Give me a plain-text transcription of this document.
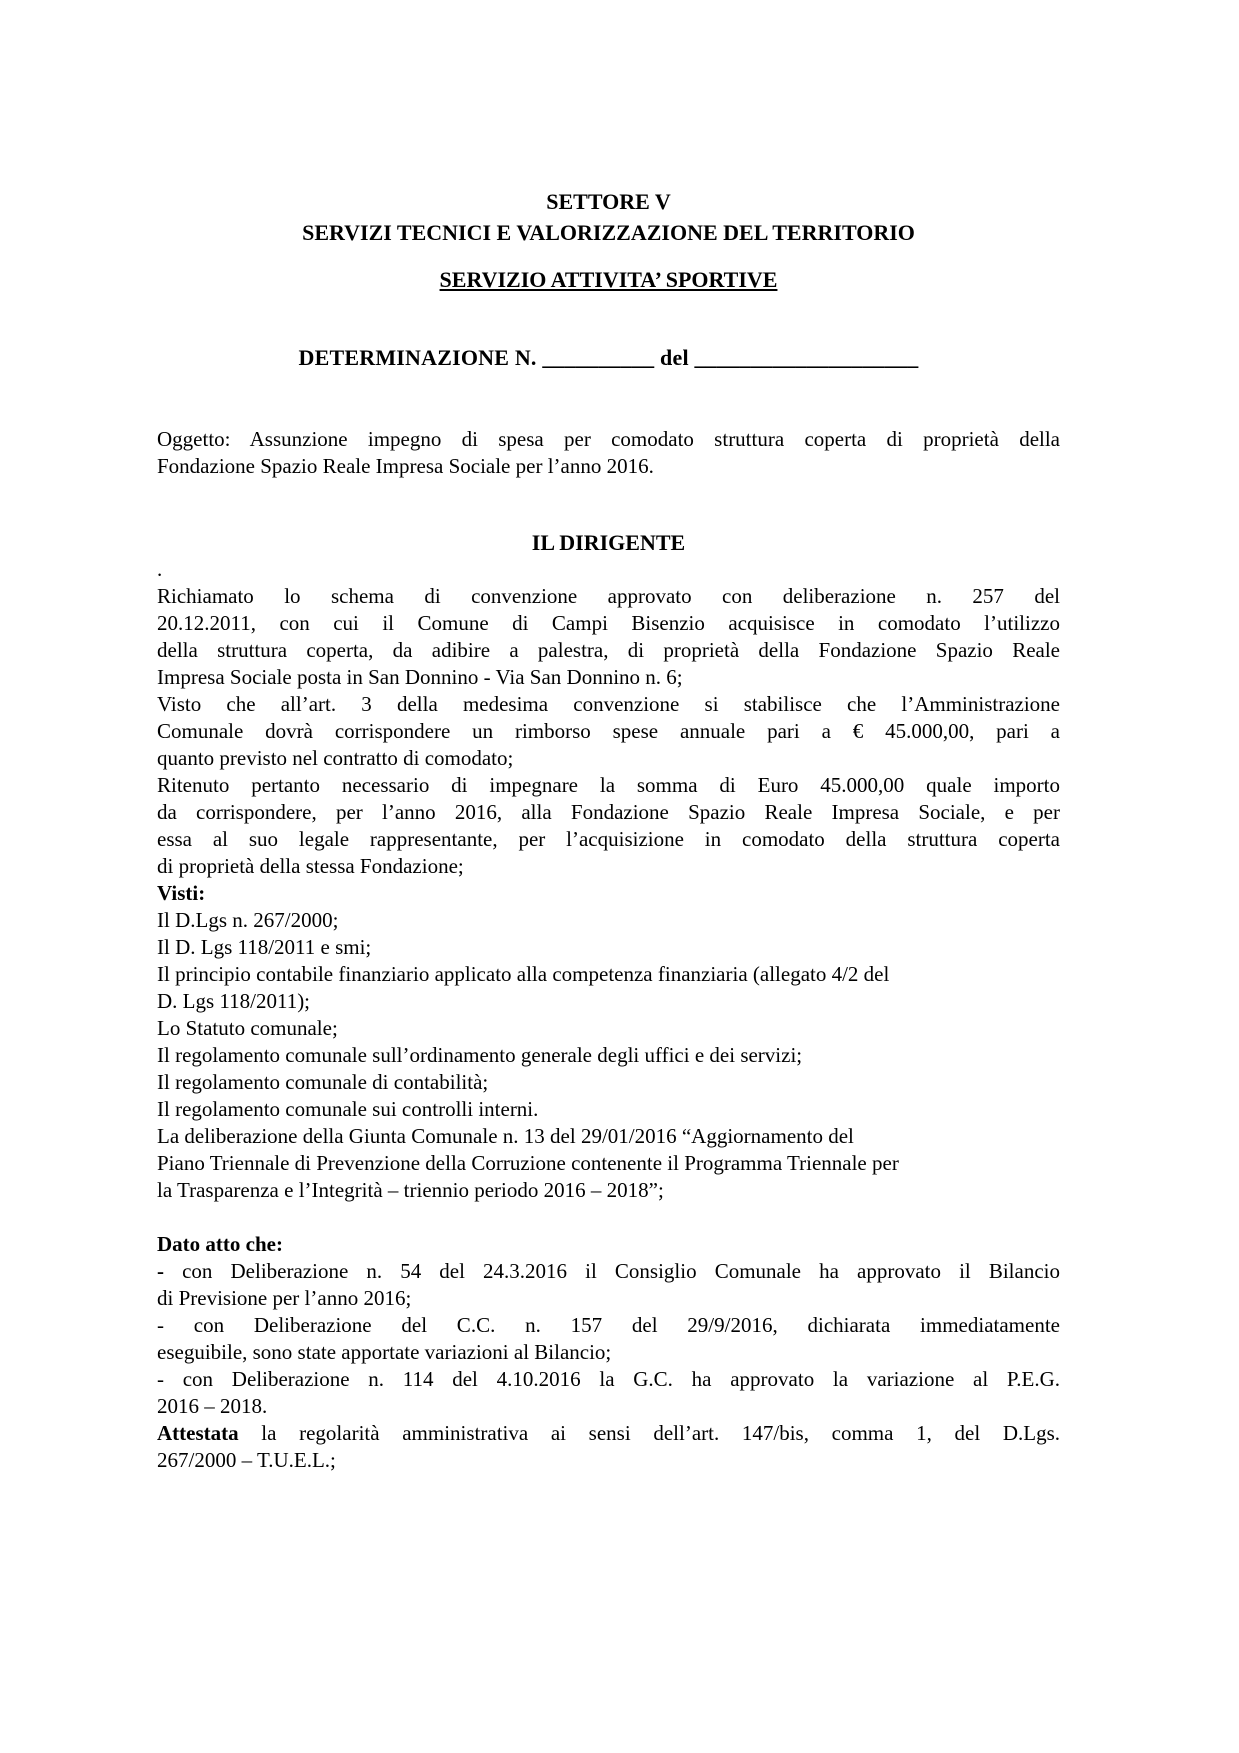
SETTORE V
SERVIZI TECNICI E VALORIZZAZIONE DEL TERRITORIO
SERVIZIO ATTIVITA’ SPORTIVE
DETERMINAZIONE N. __________ del ____________________
Oggetto: Assunzione impegno di spesa per comodato struttura coperta di proprietà della
Fondazione Spazio Reale Impresa Sociale per l’anno 2016.
IL DIRIGENTE
.
Richiamato lo schema di convenzione approvato con deliberazione n. 257 del
20.12.2011, con cui il Comune di Campi Bisenzio acquisisce in comodato l’utilizzo
della struttura coperta, da adibire a palestra, di proprietà della Fondazione Spazio Reale
Impresa Sociale posta in San Donnino - Via San Donnino n. 6;
Visto che all’art. 3 della medesima convenzione si stabilisce che l’Amministrazione
Comunale dovrà corrispondere un rimborso spese annuale pari a € 45.000,00, pari a
quanto previsto nel contratto di comodato;
Ritenuto pertanto necessario di impegnare la somma di Euro 45.000,00 quale importo
da corrispondere, per l’anno 2016, alla Fondazione Spazio Reale Impresa Sociale, e per
essa al suo legale rappresentante, per l’acquisizione in comodato della struttura coperta
di proprietà della stessa Fondazione;
Visti:
Il D.Lgs n. 267/2000;
Il D. Lgs 118/2011 e smi;
Il principio contabile finanziario applicato alla competenza finanziaria (allegato 4/2 del
D. Lgs 118/2011);
Lo Statuto comunale;
Il regolamento comunale sull’ordinamento generale degli uffici e dei servizi;
Il regolamento comunale di contabilità;
Il regolamento comunale sui controlli interni.
La deliberazione della Giunta Comunale n. 13 del 29/01/2016 “Aggiornamento del
Piano Triennale di Prevenzione della Corruzione contenente il Programma Triennale per
la Trasparenza e l’Integrità – triennio periodo 2016 – 2018”;
Dato atto che:
- con Deliberazione n. 54 del 24.3.2016 il Consiglio Comunale ha approvato il Bilancio
di Previsione per l’anno 2016;
- con Deliberazione del C.C. n. 157 del 29/9/2016, dichiarata immediatamente
eseguibile, sono state apportate variazioni al Bilancio;
- con Deliberazione n. 114 del 4.10.2016 la G.C. ha approvato la variazione al P.E.G.
2016 – 2018.
Attestata la regolarità amministrativa ai sensi dell’art. 147/bis, comma 1, del D.Lgs.
267/2000 – T.U.E.L.;
